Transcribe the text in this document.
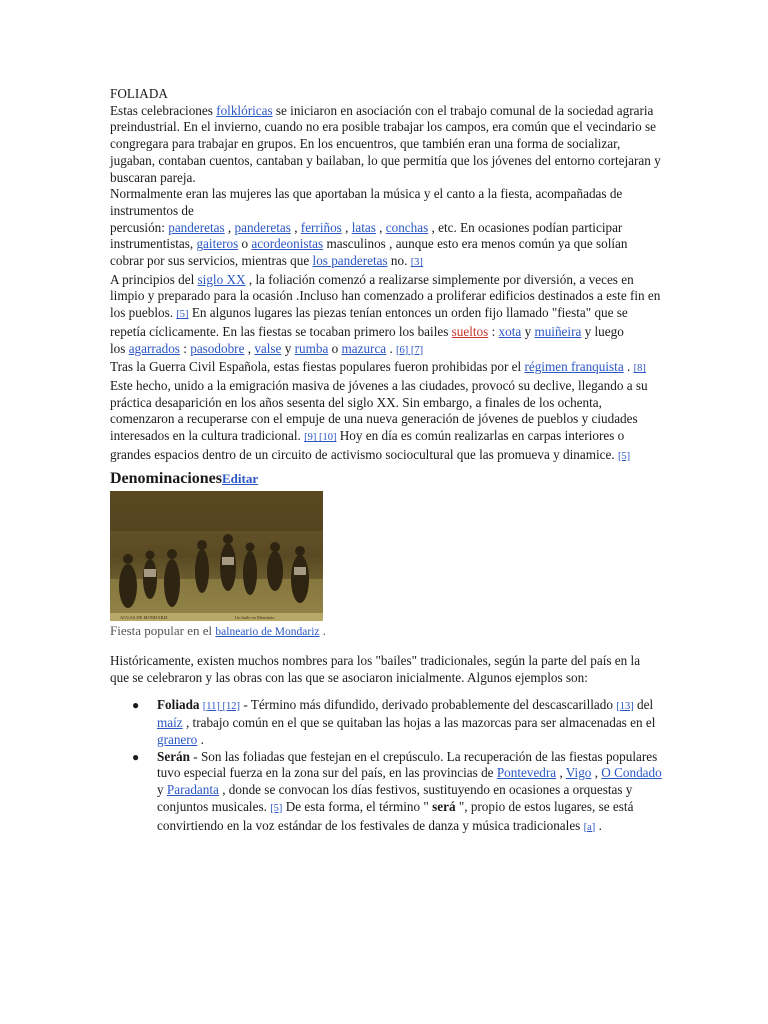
FOLIADA

Estas celebraciones folklóricas se iniciaron en asociación con el trabajo comunal de la sociedad agraria preindustrial. En el invierno, cuando no era posible trabajar los campos, era común que el vecindario se congregara para trabajar en grupos. En los encuentros, que también eran una forma de socializar, jugaban, contaban cuentos, cantaban y bailaban, lo que permitía que los jóvenes del entorno cortejaran y buscaran pareja.

Normalmente eran las mujeres las que aportaban la música y el canto a la fiesta, acompañadas de instrumentos de
percusión: panderetas , panderetas , ferriños , latas , conchas , etc. En ocasiones podían participar instrumentistas, gaiteros o acordeonistas masculinos , aunque esto era menos común ya que solían cobrar por sus servicios, mientras que los panderetas no. [3]

A principios del siglo XX , la foliación comenzó a realizarse simplemente por diversión, a veces en limpio y preparado para la ocasión .Incluso han comenzado a proliferar edificios destinados a este fin en los pueblos. [5] En algunos lugares las piezas tenían entonces un orden fijo llamado "fiesta" que se repetía cíclicamente. En las fiestas se tocaban primero los bailes sueltos : xota y muiñeira y luego
los agarrados : pasodobre , valse y rumba o mazurca . [6] [7]

Tras la Guerra Civil Española, estas fiestas populares fueron prohibidas por el régimen franquista . [8] Este hecho, unido a la emigración masiva de jóvenes a las ciudades, provocó su declive, llegando a su práctica desaparición en los años sesenta del siglo XX. Sin embargo, a finales de los ochenta, comenzaron a recuperarse con el empuje de una nueva generación de jóvenes de pueblos y ciudades interesados en la cultura tradicional. [9] [10] Hoy en día es común realizarlas en carpas interiores o grandes espacios dentro de un circuito de activismo sociocultural que las promueva y dinamice. [5]

DenominacionesEditar
ACUAS DE MONDARIZ	Un baile en Mondariz

Fiesta popular en el balneario de Mondariz .

Históricamente, existen muchos nombres para los "bailes" tradicionales, según la parte del país en la que se celebraron y las obras con las que se asociaron inicialmente. Algunos ejemplos son:

● Foliada [11] [12] - Término más difundido, derivado probablemente del descascarillado [13] del maíz , trabajo común en el que se quitaban las hojas a las mazorcas para ser almacenadas en el granero .
● Serán - Son las foliadas que festejan en el crepúsculo. La recuperación de las fiestas populares tuvo especial fuerza en la zona sur del país, en las provincias de Pontevedra , Vigo , O Condado y Paradanta , donde se convocan los días festivos, sustituyendo en ocasiones a orquestas y conjuntos musicales. [5] De esta forma, el término " será ", propio de estos lugares, se está convirtiendo en la voz estándar de los festivales de danza y música tradicionales [a] .
